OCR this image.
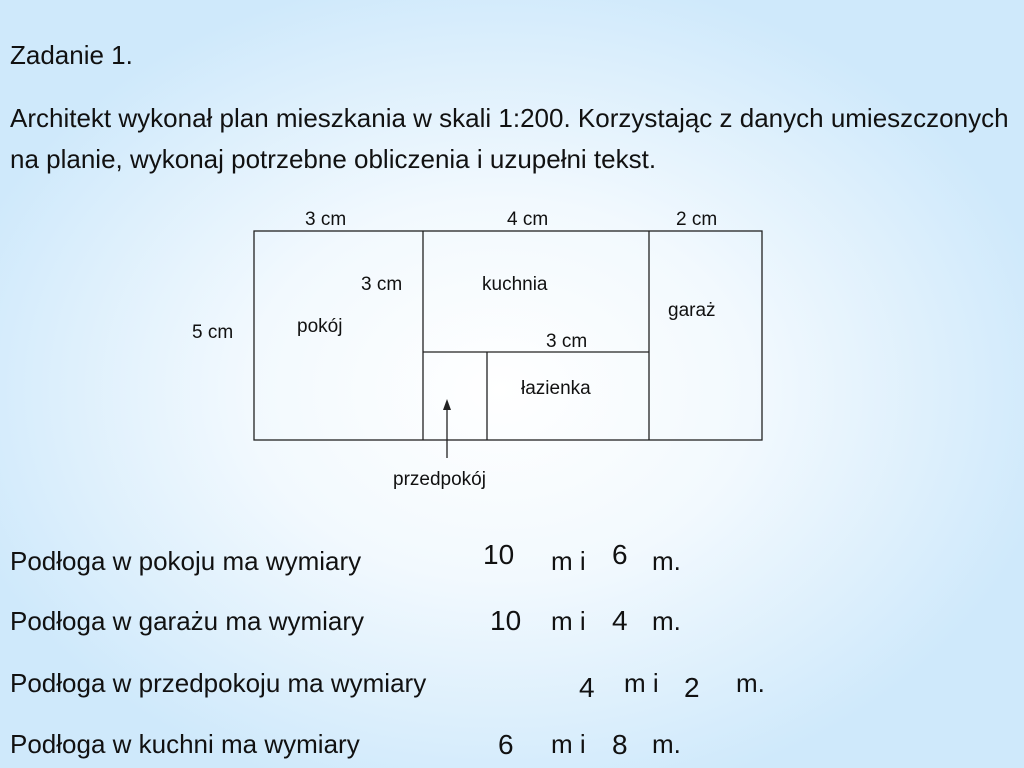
Zadanie 1.
Architekt wykonał plan mieszkania w skali 1:200. Korzystając z danych umieszczonych na planie, wykonaj potrzebne obliczenia i uzupełni tekst.
3 cm	4 cm	2 cm
5 cm
3 cm
3 cm
pokój
kuchnia
garaż
łazienka
przedpokój
Podłoga w pokoju ma wymiary	10 m i 6 m.
Podłoga w garażu ma wymiary	10 m i 4 m.
Podłoga w przedpokoju ma wymiary	4 m i 2 m.
Podłoga w kuchni ma wymiary	6 m i 8 m.
